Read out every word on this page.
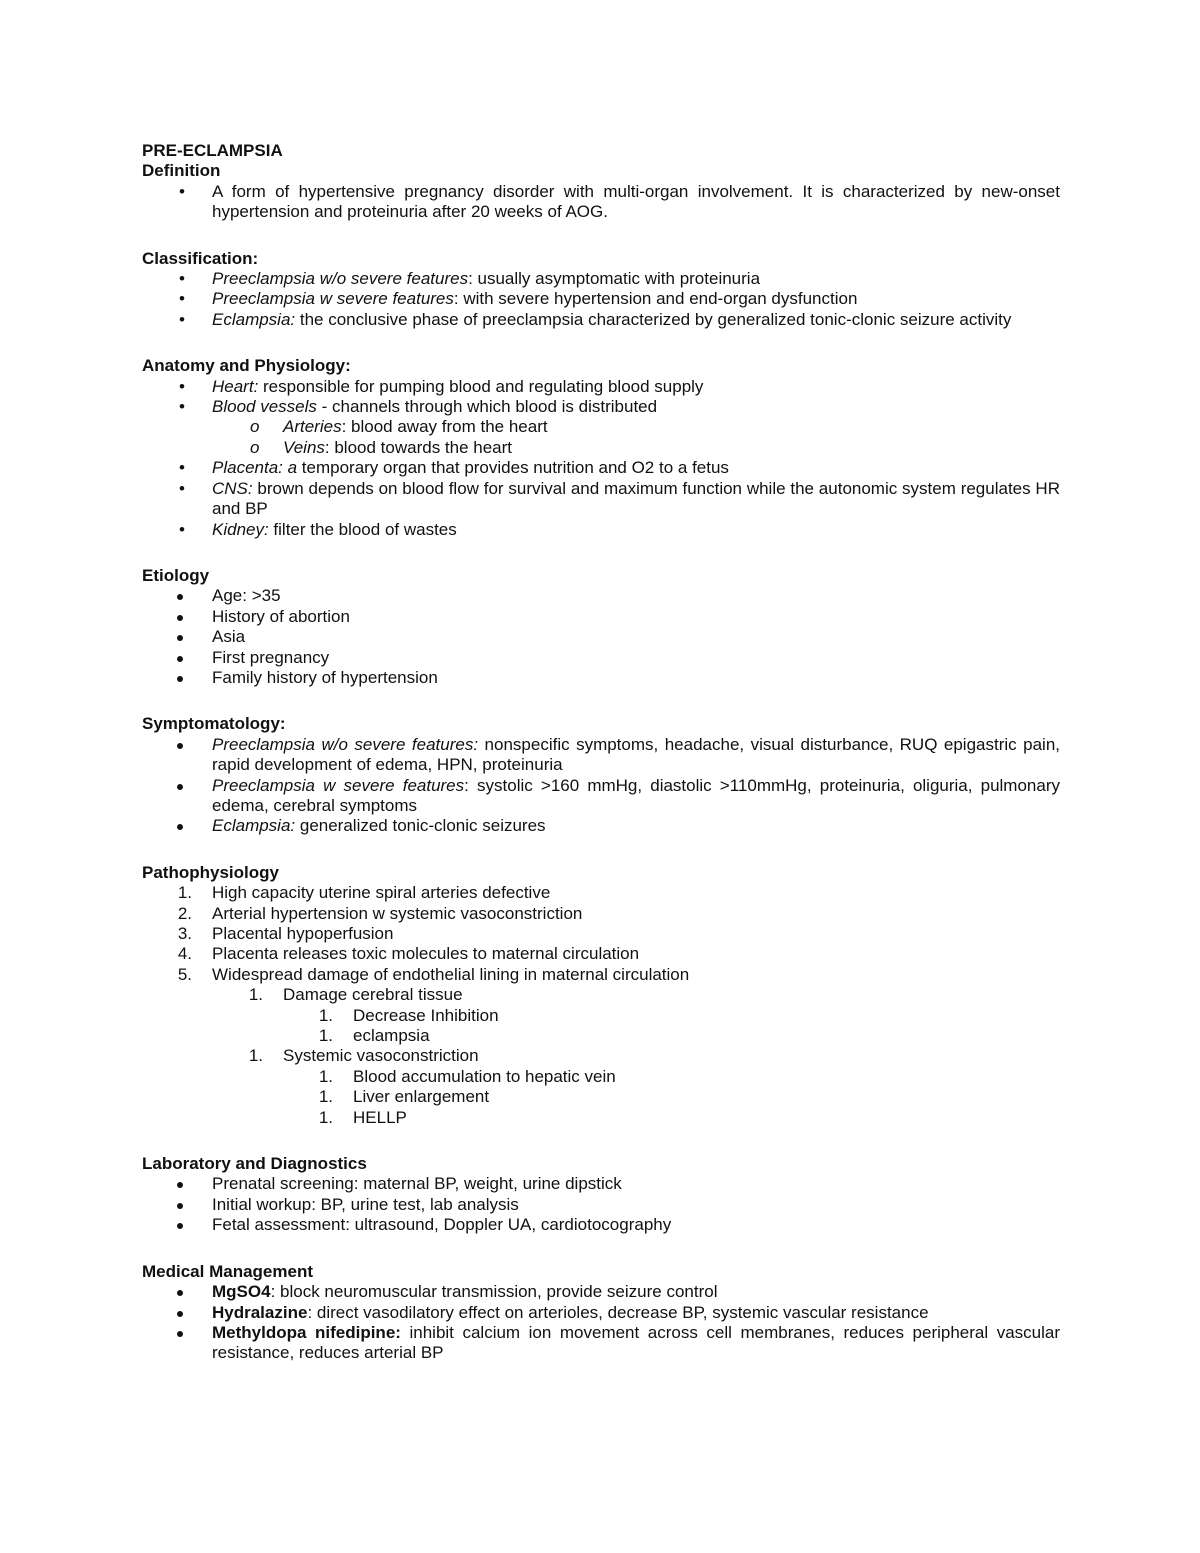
PRE-ECLAMPSIA
Definition
• A form of hypertensive pregnancy disorder with multi-organ involvement. It is characterized by new-onset hypertension and proteinuria after 20 weeks of AOG.
Classification:
• Preeclampsia w/o severe features: usually asymptomatic with proteinuria
• Preeclampsia w severe features: with severe hypertension and end-organ dysfunction
• Eclampsia: the conclusive phase of preeclampsia characterized by generalized tonic-clonic seizure activity
Anatomy and Physiology:
• Heart: responsible for pumping blood and regulating blood supply
• Blood vessels - channels through which blood is distributed
o Arteries: blood away from the heart
o Veins: blood towards the heart
• Placenta: a temporary organ that provides nutrition and O2 to a fetus
• CNS: brown depends on blood flow for survival and maximum function while the autonomic system regulates HR and BP
• Kidney: filter the blood of wastes
Etiology
Age: >35
History of abortion
Asia
First pregnancy
Family history of hypertension
Symptomatology:
Preeclampsia w/o severe features: nonspecific symptoms, headache, visual disturbance, RUQ epigastric pain, rapid development of edema, HPN, proteinuria
Preeclampsia w severe features: systolic >160 mmHg, diastolic >110mmHg, proteinuria, oliguria, pulmonary edema, cerebral symptoms
Eclampsia: generalized tonic-clonic seizures
Pathophysiology
1. High capacity uterine spiral arteries defective
2. Arterial hypertension w systemic vasoconstriction
3. Placental hypoperfusion
4. Placenta releases toxic molecules to maternal circulation
5. Widespread damage of endothelial lining in maternal circulation
1. Damage cerebral tissue
1. Decrease Inhibition
1. eclampsia
1. Systemic vasoconstriction
1. Blood accumulation to hepatic vein
1. Liver enlargement
1. HELLP
Laboratory and Diagnostics
Prenatal screening: maternal BP, weight, urine dipstick
Initial workup: BP, urine test, lab analysis
Fetal assessment: ultrasound, Doppler UA, cardiotocography
Medical Management
MgSO4: block neuromuscular transmission, provide seizure control
Hydralazine: direct vasodilatory effect on arterioles, decrease BP, systemic vascular resistance
Methyldopa nifedipine: inhibit calcium ion movement across cell membranes, reduces peripheral vascular resistance, reduces arterial BP
